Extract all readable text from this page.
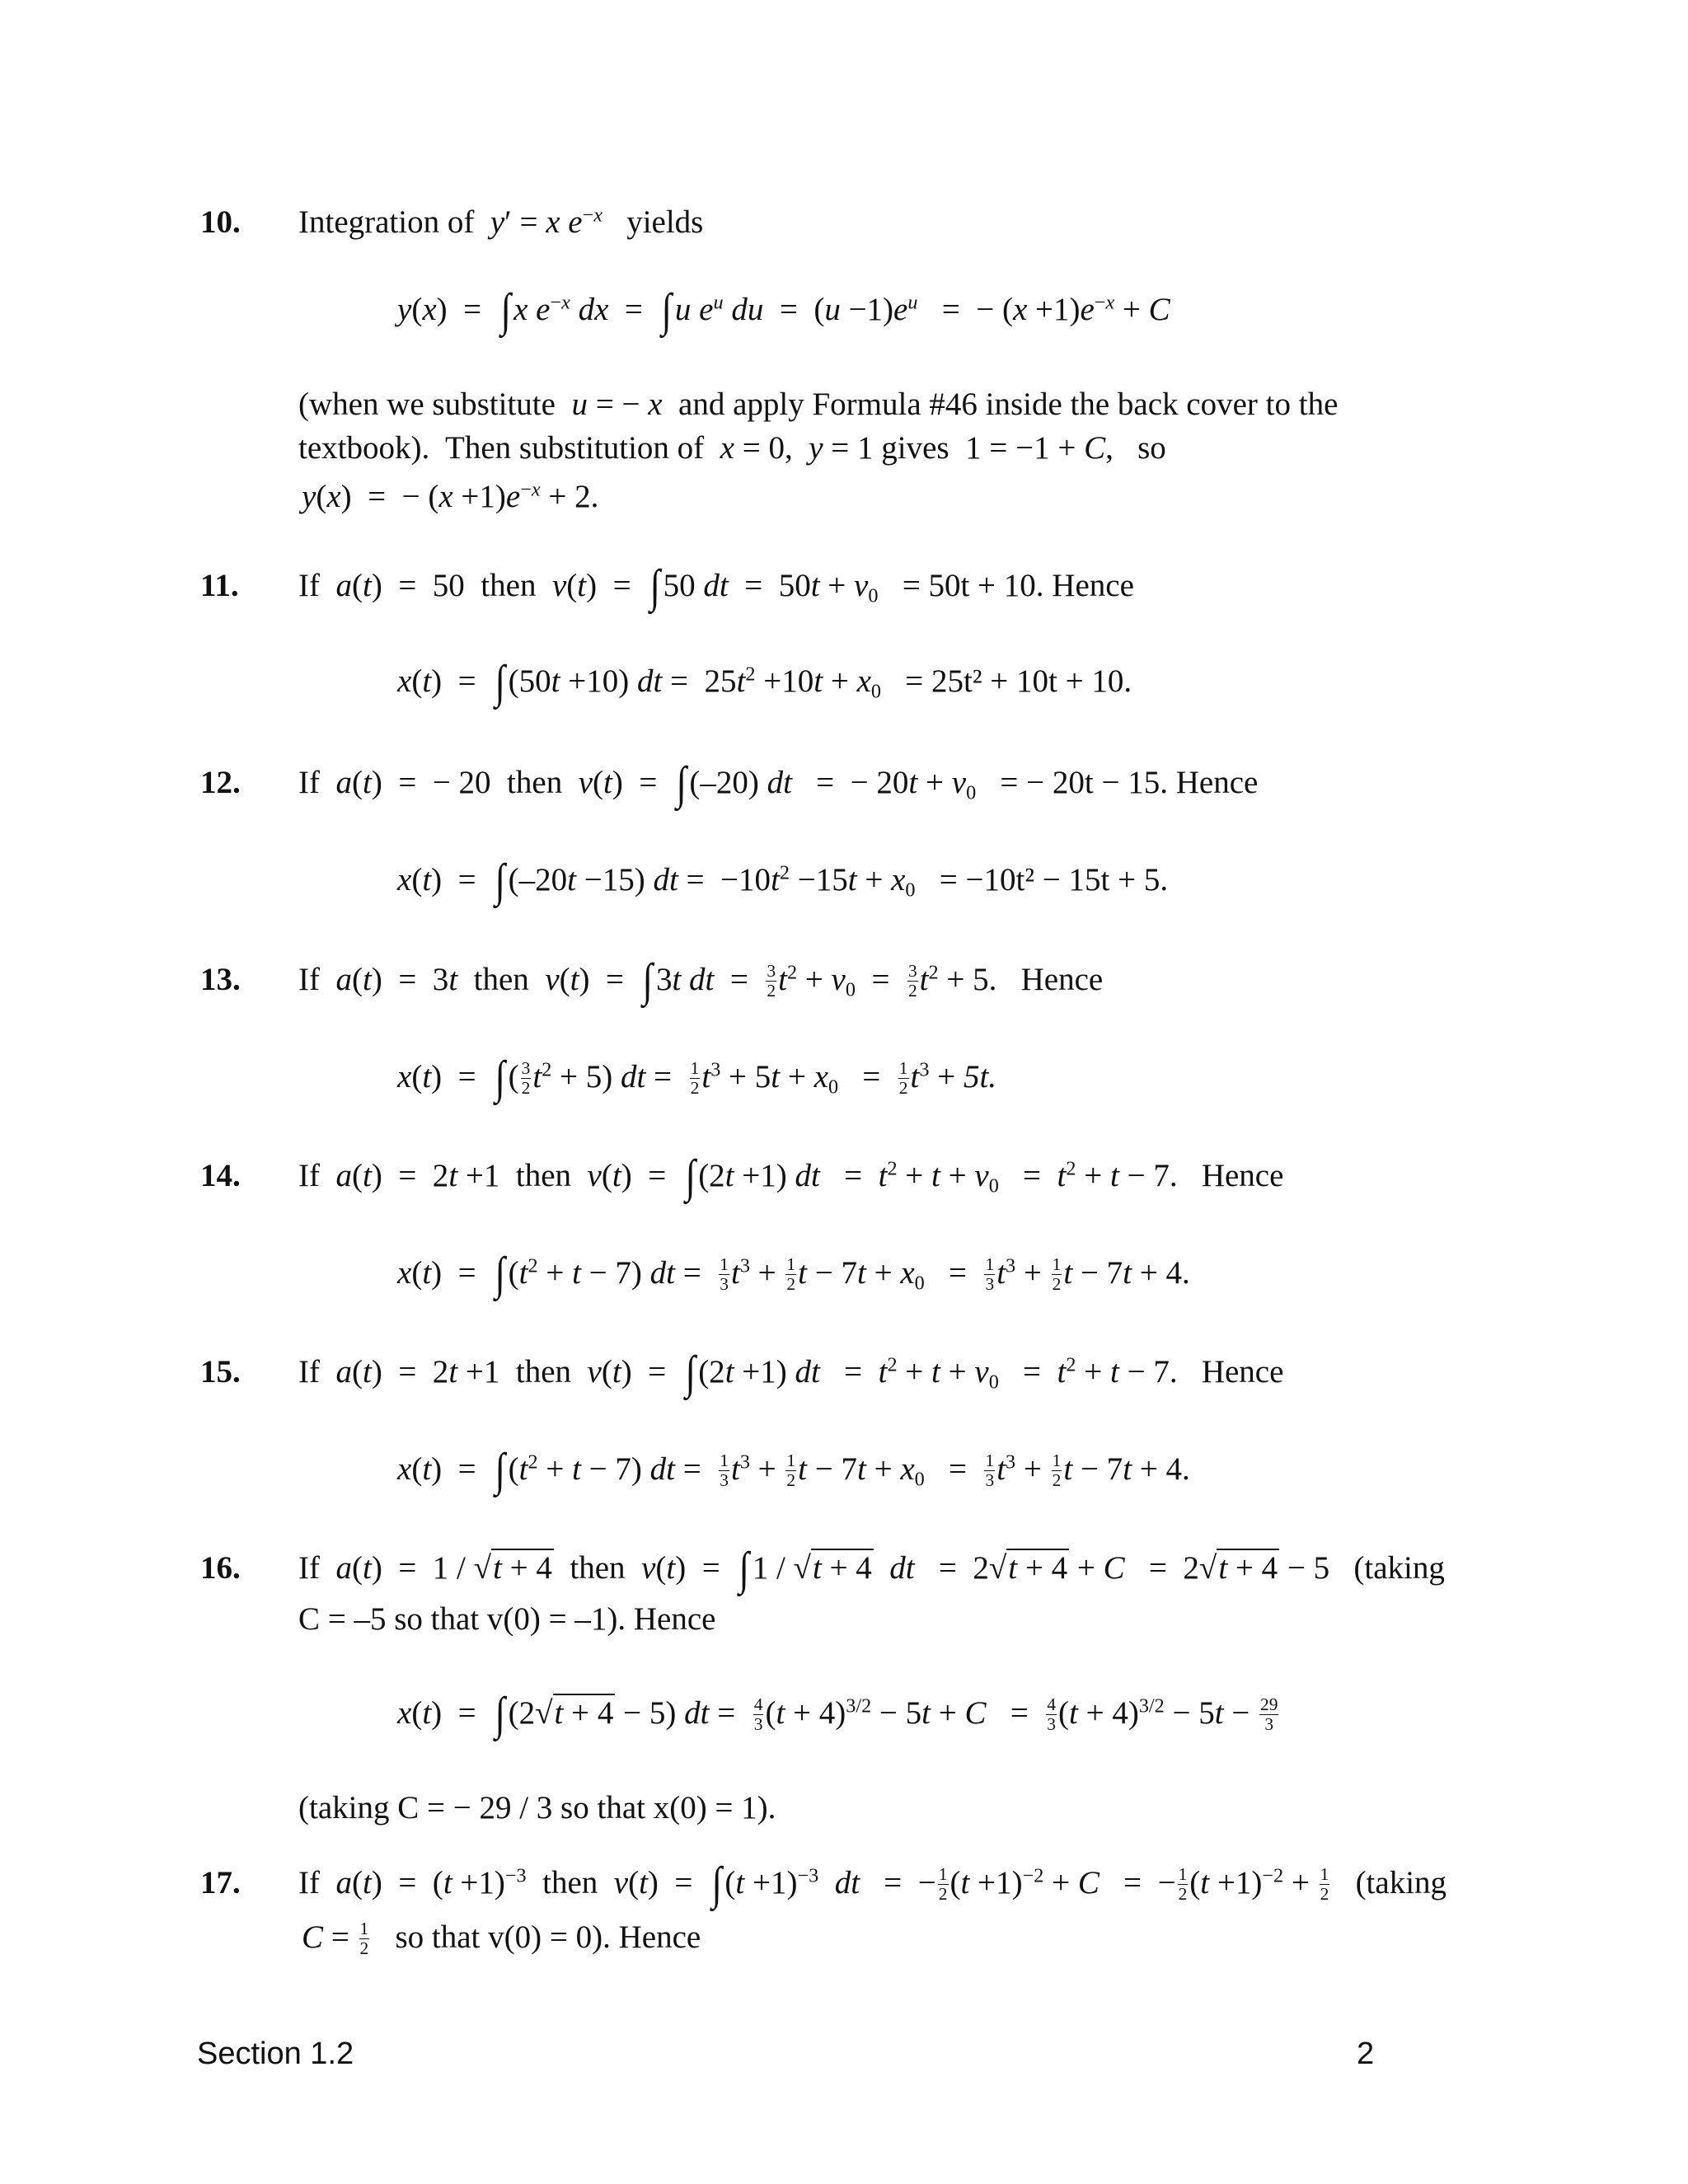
10. Integration of  y′ = x $e^{-x}$   yields
y(x)  =  ∫x $e^{-x}$ dx  =  ∫u $e^u$ du  =  $(u -1)e^u$   =  − $(x +1)e^{-x} + C$
(when we substitute  u = − x  and apply Formula #46 inside the back cover to the
textbook).  Then substitution of  x = 0,  y = 1 gives  1 = −1 + C,   so
y(x)  =  − $(x +1)e^{-x} + 2$.
11. If  a(t)  =  50  then  v(t)  =  ∫50 dt  =  $50t + v_0 = 50t + 10$. Hence
x(t)  =  ∫(50t +10) dt =  $25t^2 +10t + x_0 = 25t^2 + 10t + 10$.
12. If  a(t)  =  − 20  then  v(t)  =  ∫(–20) dt   =  − $20t + v_0$ = − 20t − 15. Hence
x(t)  =  ∫(–20t −15) dt =  $-10t^2 -15t + x_0 = -10t^2 - 15t + 5$.
13. If  a(t)  =  3t  then  v(t)  =  ∫3t dt  = $\frac{3}{2} t^2 + v_0 = \frac{3}{2} t^2 + 5$.   Hence
x(t)  =  ∫( $\frac{3}{2} t^2 + 5$) dt = $\frac{1}{2} t^3 + 5t + x_0 = \frac{1}{2} t^3 + 5t$.
14. If  a(t)  =  2t +1  then  v(t)  =  ∫(2t +1) dt   =  $t^2 + t + v_0 = t^2 + t - 7$.   Hence
$x(t) = \int(t^2 + t - 7)$ dt = $\frac{1}{3} t^3 + \frac{1}{2}$ $t - 7t + x_0 = \frac{1}{3} t^3 + \frac{1}{2}$ t − 7t + 4.
15. If  a(t)  =  2t +1  then  v(t)  =  ∫(2t +1) dt   =  $t^2 + t + v_0 = t^2 + t - 7$.   Hence
$x(t) = \int(t^2 + t - 7)$ dt = $\frac{1}{3} t^3 + \frac{1}{2}$ $t - 7t + x_0 = \frac{1}{3} t^3 + \frac{1}{2}$ t − 7t + 4.
16. If  a(t)  =  1 / √t + 4  then  v(t)  =  ∫1 / √t + 4 dt   =  2√t + 4 + C   =  2√t + 4 − 5   (taking
C = –5 so that v(0) = –1). Hence
x(t)  =  ∫(2√t + 4 − 5) dt = $\frac{4}{3} (t + 4)^{3/2} - 5t + C = \frac{4}{3} (t + 4)^{3/2} - 5t - \frac{29}{3}$
(taking C = − 29 / 3 so that x(0) = 1).
17. If  $a(t) = (t +1)^{-3}$  then  $v(t) = \int(t +1)^{-3}$ dt   =  − $\frac{1}{2} (t +1)^{-2} + C$   =  − $\frac{1}{2} (t +1)^{-2} + \frac{1}{2}$ (taking
$C = \frac{1}{2}$ so that v(0) = 0). Hence
Section 1.2	2
